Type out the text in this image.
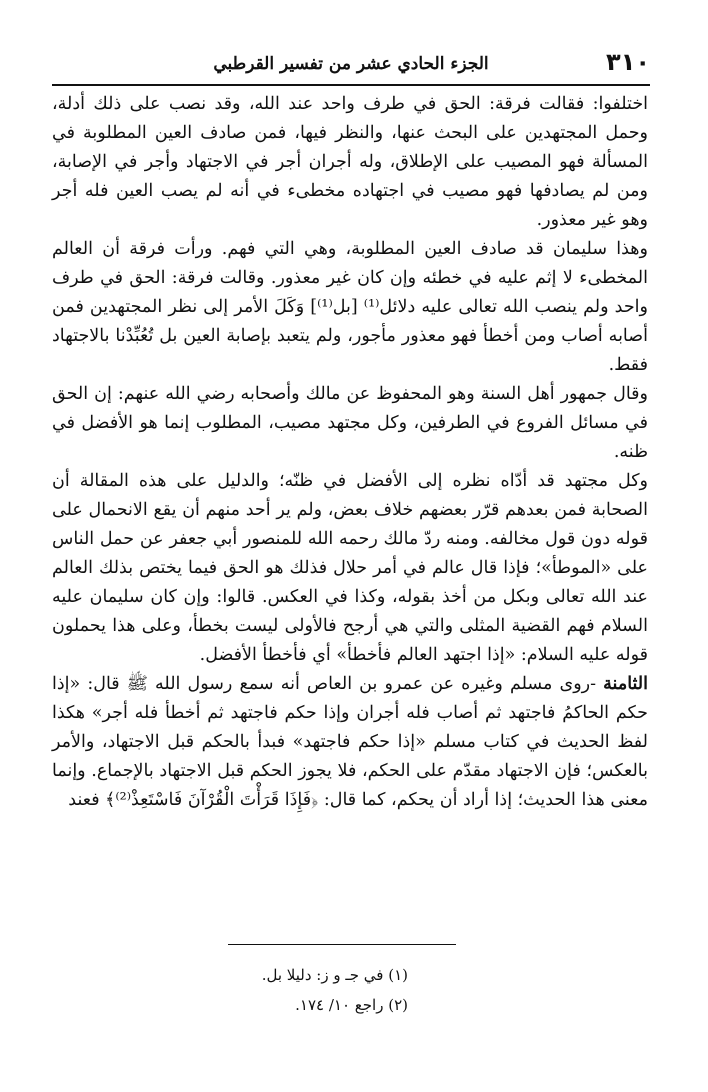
٣١٠
الجزء الحادي عشر من تفسير القرطبي

اختلفوا: فقالت فرقة: الحق في طرف واحد عند الله، وقد نصب على ذلك أدلة، وحمل المجتهدين على البحث عنها، والنظر فيها، فمن صادف العين المطلوبة في المسألة فهو المصيب على الإطلاق، وله أجران أجر في الاجتهاد وأجر في الإصابة، ومن لم يصادفها فهو مصيب في اجتهاده مخطىء في أنه لم يصب العين فله أجر وهو غير معذور.

وهذا سليمان قد صادف العين المطلوبة، وهي التي فهم. ورأت فرقة أن العالم المخطىء لا إثم عليه في خطئه وإن كان غير معذور. وقالت فرقة: الحق في طرف واحد ولم ينصب الله تعالى عليه دلائل⁽¹⁾ [بل⁽¹⁾] وَكَلَ الأمر إلى نظر المجتهدين فمن أصابه أصاب ومن أخطأ فهو معذور مأجور، ولم يتعبد بإصابة العين بل تُعُبِّدْنا بالاجتهاد فقط.

وقال جمهور أهل السنة وهو المحفوظ عن مالك وأصحابه رضي الله عنهم: إن الحق في مسائل الفروع في الطرفين، وكل مجتهد مصيب، المطلوب إنما هو الأفضل في ظنه.

وكل مجتهد قد أدّاه نظره إلى الأفضل في ظنّه؛ والدليل على هذه المقالة أن الصحابة فمن بعدهم قرّر بعضهم خلاف بعض، ولم ير أحد منهم أن يقع الانحمال على قوله دون قول مخالفه. ومنه ردّ مالك رحمه الله للمنصور أبي جعفر عن حمل الناس على «الموطأ»؛ فإذا قال عالم في أمر حلال فذلك هو الحق فيما يختص بذلك العالم عند الله تعالى وبكل من أخذ بقوله، وكذا في العكس. قالوا: وإن كان سليمان عليه السلام فهم القضية المثلى والتي هي أرجح فالأولى ليست بخطأ، وعلى هذا يحملون قوله عليه السلام: «إذا اجتهد العالم فأخطأ» أي فأخطأ الأفضل.

الثامنة -روى مسلم وغيره عن عمرو بن العاص أنه سمع رسول الله ﷺ قال: «إذا حكم الحاكمُ فاجتهد ثم أصاب فله أجران وإذا حكم فاجتهد ثم أخطأ فله أجر» هكذا لفظ الحديث في كتاب مسلم «إذا حكم فاجتهد» فبدأ بالحكم قبل الاجتهاد، والأمر بالعكس؛ فإن الاجتهاد مقدّم على الحكم، فلا يجوز الحكم قبل الاجتهاد بالإجماع. وإنما معنى هذا الحديث؛ إذا أراد أن يحكم، كما قال: ﴿فَإِذَا قَرَأْتَ الْقُرْآنَ فَاسْتَعِذْ⁽²⁾﴾ فعند

(١) في جـ و ز: دليلا بل.

(٢) راجع ١٠/ ١٧٤.
